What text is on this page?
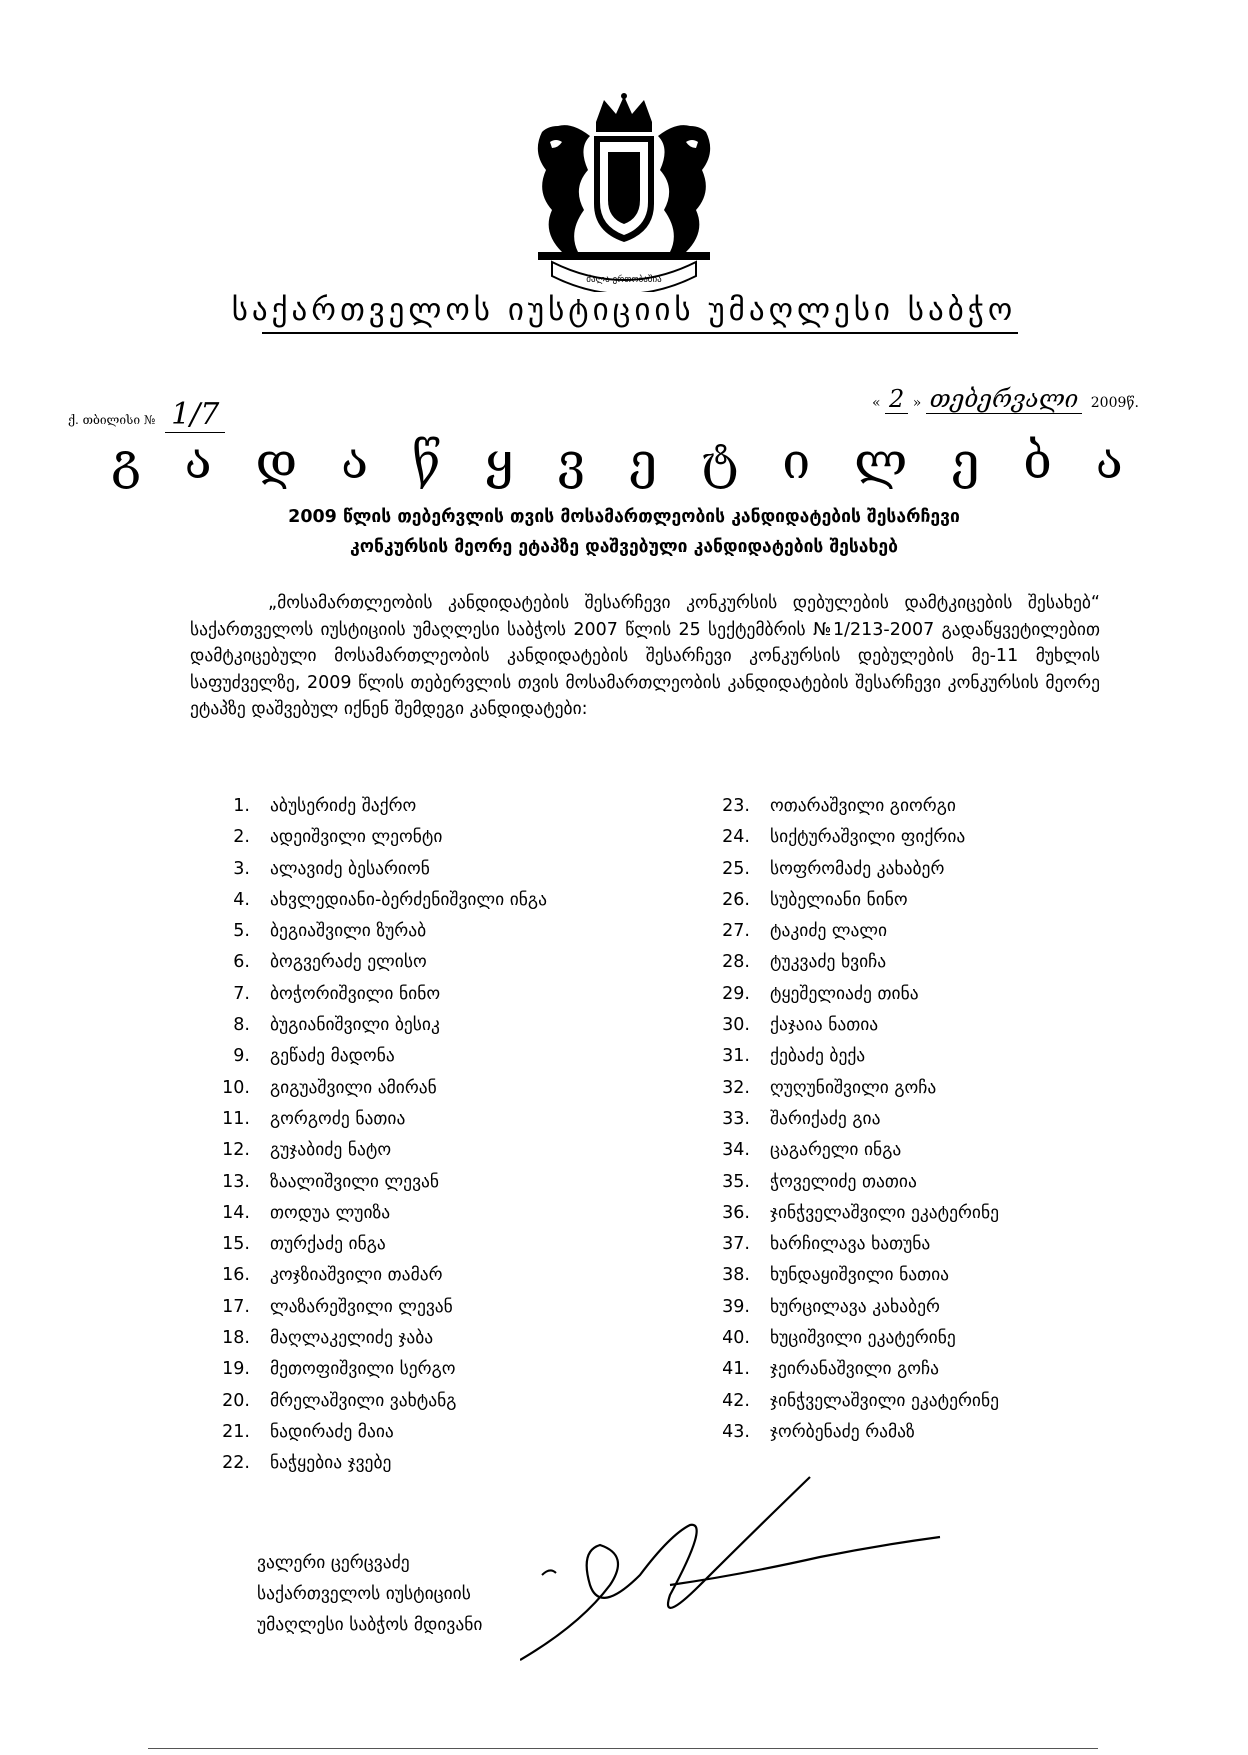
ძალა ერთობაშია
საქართველოს იუსტიციის უმაღლესი საბჭო
ქ. თბილისი № 1/7	« 2 » თებერვალი 2009წ.
გ ა დ ა წ ყ ვ ე ტ ი ლ ე ბ ა
2009 წლის თებერვლის თვის მოსამართლეობის კანდიდატების შესარჩევი
კონკურსის მეორე ეტაპზე დაშვებული კანდიდატების შესახებ
„მოსამართლეობის კანდიდატების შესარჩევი კონკურსის დებულების დამტკიცების შესახებ“ საქართველოს იუსტიციის უმაღლესი საბჭოს 2007 წლის 25 სექტემბრის №1/213-2007 გადაწყვეტილებით დამტკიცებული მოსამართლეობის კანდიდატების შესარჩევი კონკურსის დებულების მე-11 მუხლის საფუძველზე, 2009 წლის თებერვლის თვის მოსამართლეობის კანდიდატების შესარჩევი კონკურსის მეორე ეტაპზე დაშვებულ იქნენ შემდეგი კანდიდატები:
1. აბუსერიძე შაქრო
2. ადეიშვილი ლეონტი
3. ალავიძე ბესარიონ
4. ახვლედიანი-ბერძენიშვილი ინგა
5. ბეგიაშვილი ზურაბ
6. ბოგვერაძე ელისო
7. ბოჭორიშვილი ნინო
8. ბუგიანიშვილი ბესიკ
9. გეწაძე მადონა
10. გიგუაშვილი ამირან
11. გორგოძე ნათია
12. გუჯაბიძე ნატო
13. ზაალიშვილი ლევან
14. თოდუა ლუიზა
15. თურქაძე ინგა
16. კოჯზიაშვილი თამარ
17. ლაზარეშვილი ლევან
18. მაღლაკელიძე ჯაბა
19. მეთოფიშვილი სერგო
20. მრელაშვილი ვახტანგ
21. ნადირაძე მაია
22. ნაჭყებია ჯვებე
23. ოთარაშვილი გიორგი
24. სიქტურაშვილი ფიქრია
25. სოფრომაძე კახაბერ
26. სუბელიანი ნინო
27. ტაკიძე ლალი
28. ტუკვაძე ხვიჩა
29. ტყეშელიაძე თინა
30. ქაჯაია ნათია
31. ქებაძე ბექა
32. ღუღუნიშვილი გოჩა
33. შარიქაძე გია
34. ცაგარელი ინგა
35. ჭოველიძე თათია
36. ჯინჭველაშვილი ეკატერინე
37. ხარჩილავა ხათუნა
38. ხუნდაყიშვილი ნათია
39. ხურცილავა კახაბერ
40. ხუციშვილი ეკატერინე
41. ჯეირანაშვილი გოჩა
42. ჯინჭველაშვილი ეკატერინე
43. ჯორბენაძე რამაზ
ვალერი ცერცვაძე
საქართველოს იუსტიციის
უმაღლესი საბჭოს მდივანი
